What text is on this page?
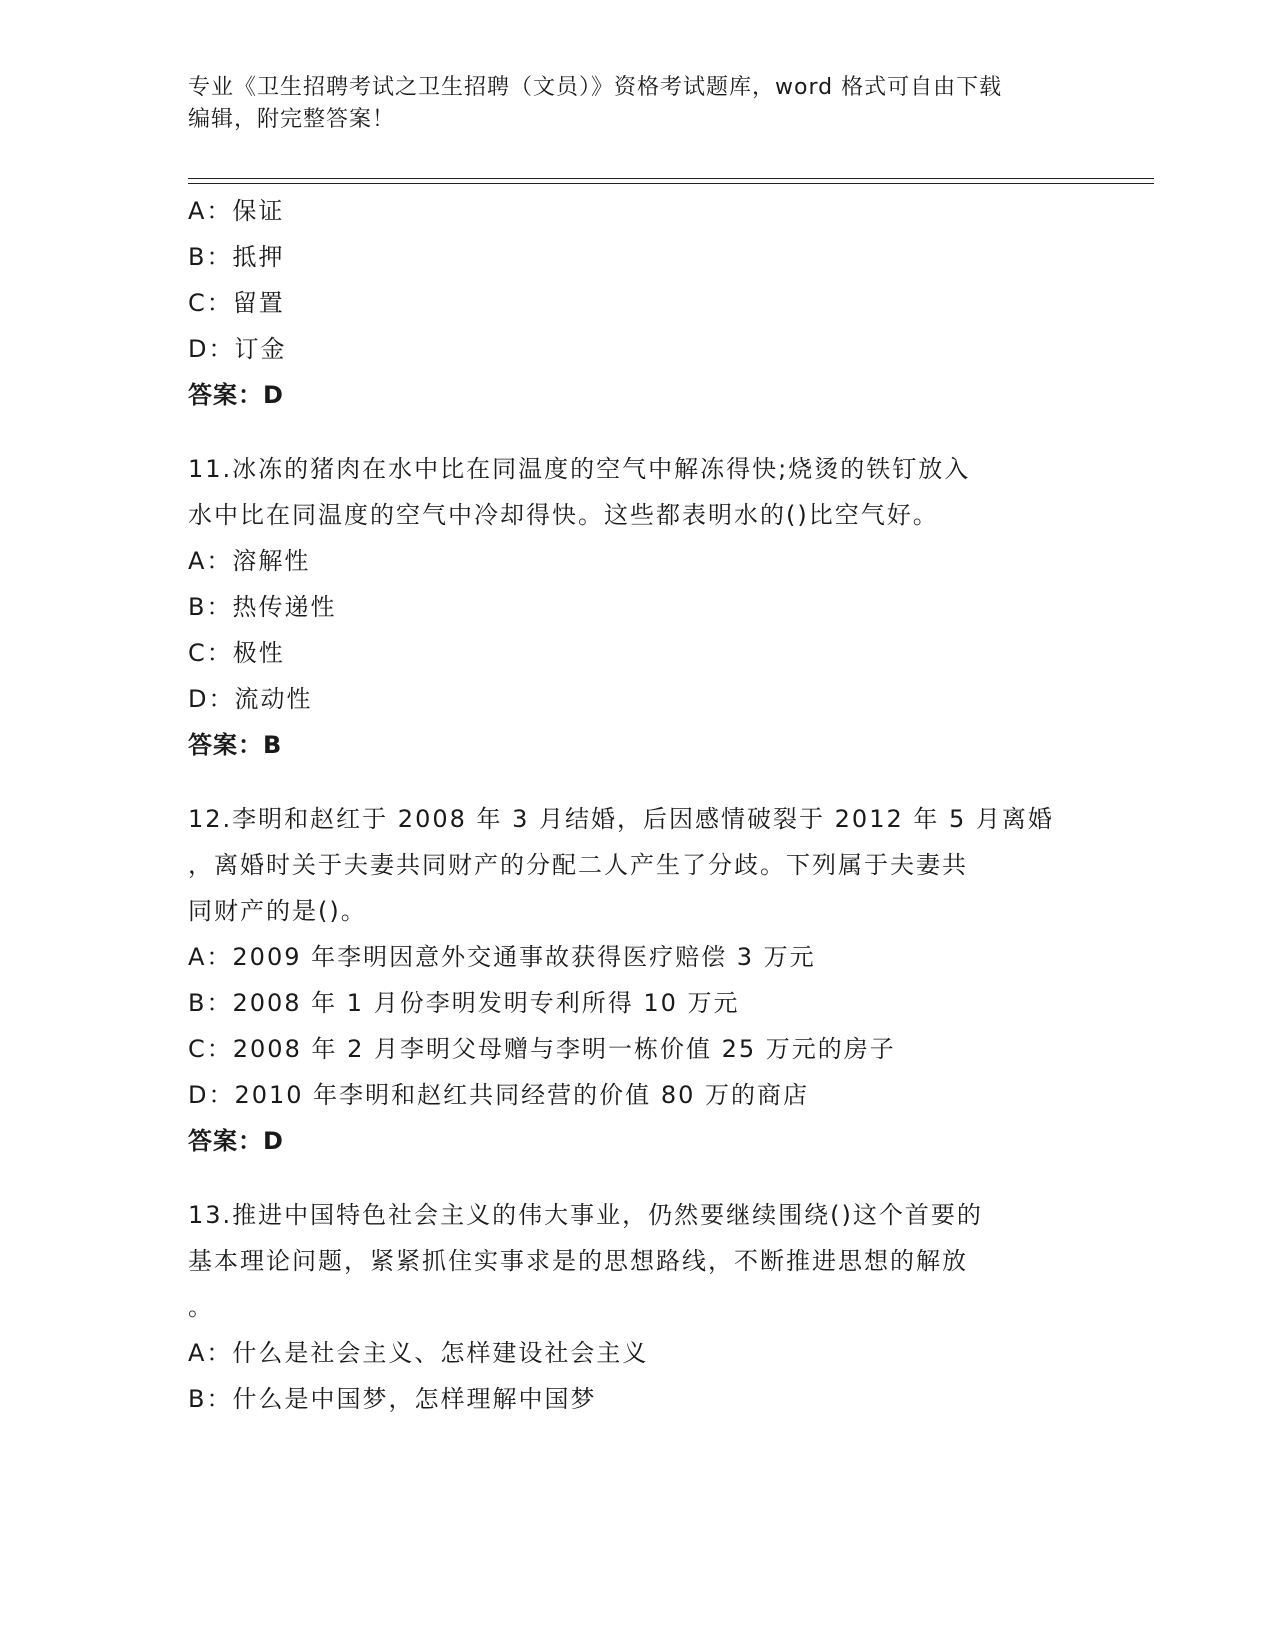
专业《卫生招聘考试之卫生招聘（文员）》资格考试题库，word 格式可自由下载
编辑，附完整答案！
A：保证
B：抵押
C：留置
D：订金
答案：D
11.冰冻的猪肉在水中比在同温度的空气中解冻得快;烧烫的铁钉放入
水中比在同温度的空气中冷却得快。这些都表明水的()比空气好。
A：溶解性
B：热传递性
C：极性
D：流动性
答案：B
12.李明和赵红于 2008 年 3 月结婚，后因感情破裂于 2012 年 5 月离婚
，离婚时关于夫妻共同财产的分配二人产生了分歧。下列属于夫妻共
同财产的是()。
A：2009 年李明因意外交通事故获得医疗赔偿 3 万元
B：2008 年 1 月份李明发明专利所得 10 万元
C：2008 年 2 月李明父母赠与李明一栋价值 25 万元的房子
D：2010 年李明和赵红共同经营的价值 80 万的商店
答案：D
13.推进中国特色社会主义的伟大事业，仍然要继续围绕()这个首要的
基本理论问题，紧紧抓住实事求是的思想路线，不断推进思想的解放
。
A：什么是社会主义、怎样建设社会主义
B：什么是中国梦，怎样理解中国梦
